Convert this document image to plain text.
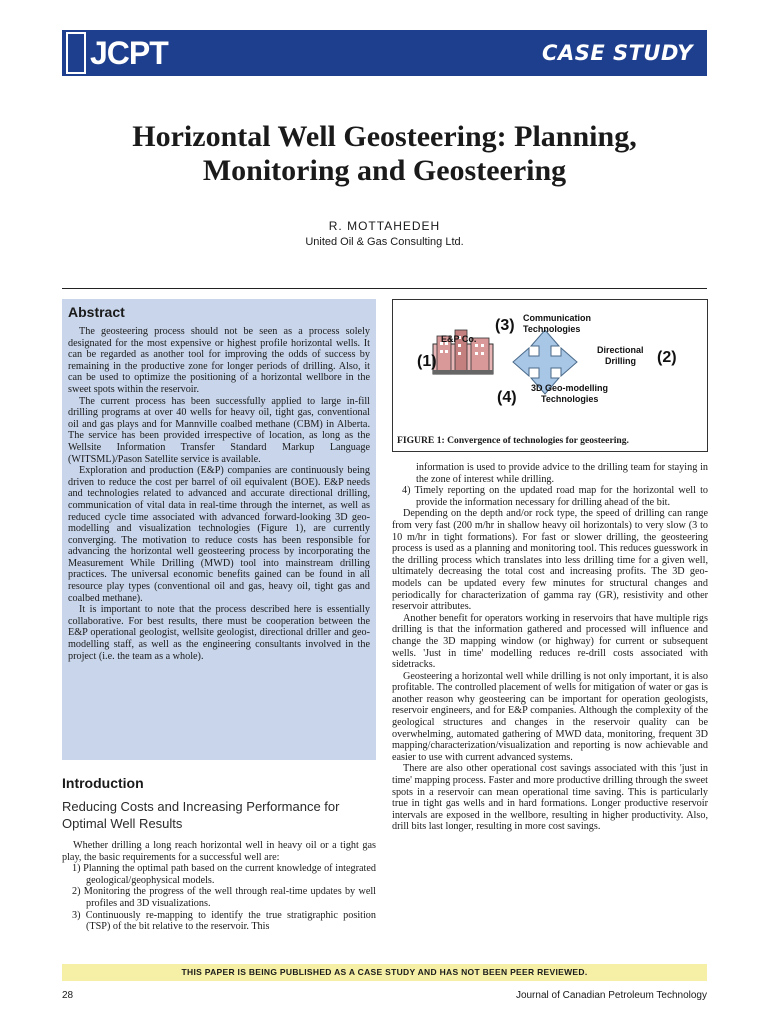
JCPT	CASE STUDY
Horizontal Well Geosteering: Planning,
Monitoring and Geosteering
R. MOTTAHEDEH
United Oil & Gas Consulting Ltd.
Abstract

The geosteering process should not be seen as a process solely designated for the most expensive or highest profile horizontal wells. It can be regarded as another tool for improving the odds of success by remaining in the productive zone for longer periods of drilling. Also, it can be used to optimize the positioning of a horizontal wellbore in the sweet spots within the reservoir.

The current process has been successfully applied to large in-fill drilling programs at over 40 wells for heavy oil, tight gas, conventional oil and gas plays and for Mannville coalbed methane (CBM) in Alberta. The service has been provided irrespective of location, as long as the Wellsite Information Transfer Standard Markup Language (WITSML)/Pason Satellite service is available.

Exploration and production (E&P) companies are continuously being driven to reduce the cost per barrel of oil equivalent (BOE). E&P needs and technologies related to advanced and accurate directional drilling, communication of vital data in real-time through the internet, as well as reduced cycle time associated with advanced forward-looking 3D geo-modelling and visualization technologies (Figure 1), are currently converging. The motivation to reduce costs has been responsible for advancing the horizontal well geosteering process by incorporating the Measurement While Drilling (MWD) tool into mainstream drilling practices. The universal economic benefits gained can be found in all resource play types (conventional oil and gas, heavy oil, tight gas and coalbed methane).

It is important to note that the process described here is essentially collaborative. For best results, there must be cooperation between the E&P operational geologist, wellsite geologist, directional driller and geo-modelling staff, as well as the engineering consultants involved in the project (i.e. the team as a whole).

Introduction
Reducing Costs and Increasing Performance for Optimal Well Results

Whether drilling a long reach horizontal well in heavy oil or a tight gas play, the basic requirements for a successful well are:

1) Planning the optimal path based on the current knowledge of integrated geological/geophysical models.
2) Monitoring the progress of the well through real-time updates by well profiles and 3D visualizations.
3) Continuously re-mapping to identify the true stratigraphic position (TSP) of the bit relative to the reservoir. This
(1)
E&P Co.
(3) Communication
Technologies
Directional
Drilling (2)
(4)
3D Geo-modelling
Technologies
FIGURE 1: Convergence of technologies for geosteering.

information is used to provide advice to the drilling team for staying in the zone of interest while drilling.

4) Timely reporting on the updated road map for the horizontal well to provide the information necessary for drilling ahead of the bit.

Depending on the depth and/or rock type, the speed of drilling can range from very fast (200 m/hr in shallow heavy oil horizontals) to very slow (3 to 10 m/hr in tight formations). For fast or slower drilling, the geosteering process is used as a planning and monitoring tool. This reduces guesswork in the drilling process which translates into less drilling time for a given well, ultimately decreasing the total cost and increasing profits. The 3D geo-models can be updated every few minutes for structural changes and periodically for characterization of gamma ray (GR), resistivity and other reservoir attributes.

Another benefit for operators working in reservoirs that have multiple rigs drilling is that the information gathered and processed will influence and change the 3D mapping window (or highway) for current or subsequent wells. 'Just in time' modelling reduces re-drill costs associated with sidetracks.

Geosteering a horizontal well while drilling is not only important, it is also profitable. The controlled placement of wells for mitigation of water or gas is another reason why geosteering can be important for operation geologists, reservoir engineers, and for E&P companies. Although the complexity of the geological structures and changes in the reservoir quality can be overwhelming, automated gathering of MWD data, monitoring, frequent 3D mapping/characterization/visualization and reporting is now achievable and easier to use with current advanced systems.

There are also other operational cost savings associated with this 'just in time' mapping process. Faster and more productive drilling through the sweet spots in a reservoir can mean operational time saving. This is particularly true in tight gas wells and in hard formations. Longer productive reservoir intervals are exposed in the wellbore, resulting in higher productivity. Also, drill bits last longer, resulting in more cost savings.

THIS PAPER IS BEING PUBLISHED AS A CASE STUDY AND HAS NOT BEEN PEER REVIEWED.
28	Journal of Canadian Petroleum Technology
